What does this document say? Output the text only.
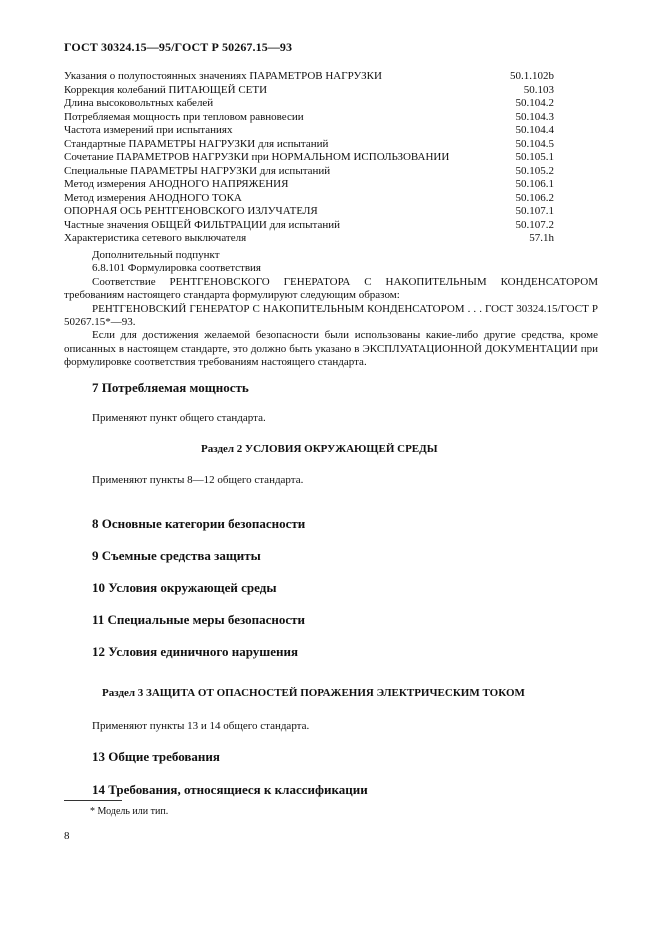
ГОСТ 30324.15—95/ГОСТ Р 50267.15—93
Указания о полупостоянных значениях ПАРАМЕТРОВ НАГРУЗКИ	50.1.102b
Коррекция колебаний ПИТАЮЩЕЙ СЕТИ	50.103
Длина высоковольтных кабелей	50.104.2
Потребляемая мощность при тепловом равновесии	50.104.3
Частота измерений при испытаниях	50.104.4
Стандартные ПАРАМЕТРЫ НАГРУЗКИ для испытаний	50.104.5
Сочетание ПАРАМЕТРОВ НАГРУЗКИ при НОРМАЛЬНОМ ИСПОЛЬЗОВАНИИ	50.105.1
Специальные ПАРАМЕТРЫ НАГРУЗКИ для испытаний	50.105.2
Метод измерения АНОДНОГО НАПРЯЖЕНИЯ	50.106.1
Метод измерения АНОДНОГО ТОКА	50.106.2
ОПОРНАЯ ОСЬ РЕНТГЕНОВСКОГО ИЗЛУЧАТЕЛЯ	50.107.1
Частные значения ОБЩЕЙ ФИЛЬТРАЦИИ для испытаний	50.107.2
Характеристика сетевого выключателя	57.1h

Дополнительный подпункт

6.8.101 Формулировка соответствия

Соответствие РЕНТГЕНОВСКОГО ГЕНЕРАТОРА С НАКОПИТЕЛЬНЫМ КОНДЕНСАТОРОМ требованиям настоящего стандарта формулируют следующим образом:

РЕНТГЕНОВСКИЙ ГЕНЕРАТОР С НАКОПИТЕЛЬНЫМ КОНДЕНСАТОРОМ . . . ГОСТ 30324.15/ГОСТ Р 50267.15*—93.

Если для достижения желаемой безопасности были использованы какие-либо другие средства, кроме описанных в настоящем стандарте, это должно быть указано в ЭКСПЛУАТАЦИОННОЙ ДОКУМЕНТАЦИИ при формулировке соответствия требованиям настоящего стандарта.

7 Потребляемая мощность
Применяют пункт общего стандарта.
Раздел 2 УСЛОВИЯ ОКРУЖАЮЩЕЙ СРЕДЫ
Применяют пункты 8—12 общего стандарта.
8 Основные категории безопасности
9 Съемные средства защиты
10 Условия окружающей среды
11 Специальные меры безопасности
12 Условия единичного нарушения
Раздел 3 ЗАЩИТА ОТ ОПАСНОСТЕЙ ПОРАЖЕНИЯ ЭЛЕКТРИЧЕСКИМ ТОКОМ
Применяют пункты 13 и 14 общего стандарта.
13 Общие требования
14 Требования, относящиеся к классификации
* Модель или тип.
8
